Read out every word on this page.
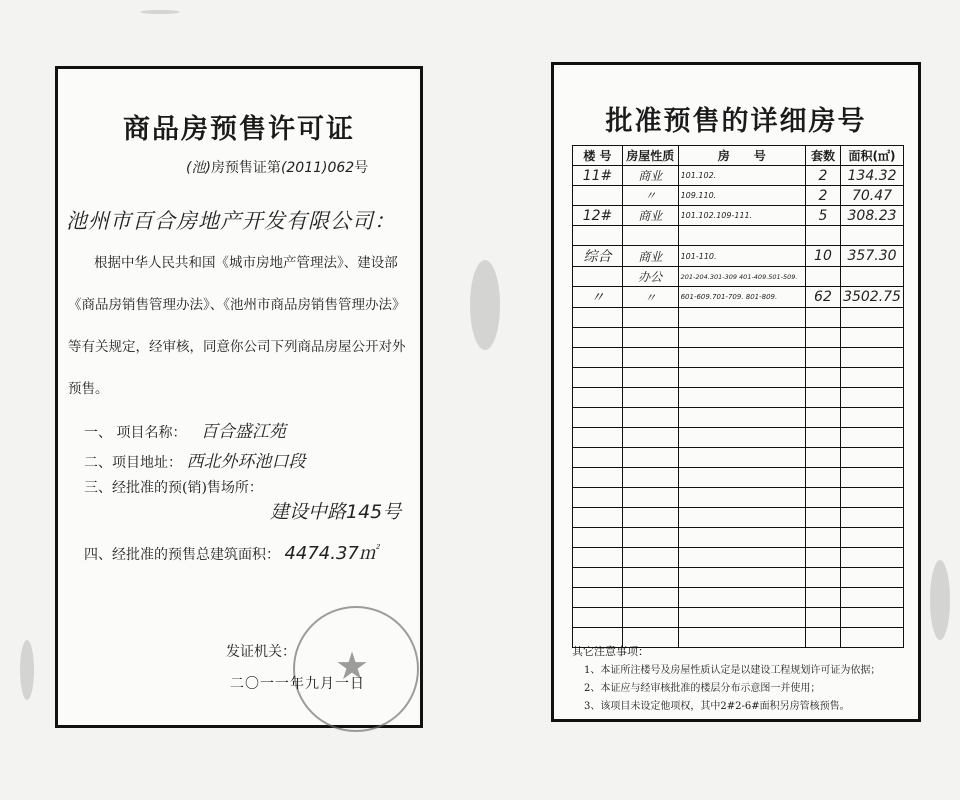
商品房预售许可证
(池)房预售证第(2011)062号
池州市百合房地产开发有限公司：
根据中华人民共和国《城市房地产管理法》、建设部
《商品房销售管理办法》、《池州市商品房销售管理办法》
等有关规定，经审核，同意你公司下列商品房屋公开对外
预售。
一、 项目名称： 百合盛江苑
二、项目地址： 西北外环池口段
三、经批准的预(销)售场所：
建设中路145号
四、经批准的预售总建筑面积： 4474.37㎡
★
发证机关：
二〇一一年九月一日
批准预售的详细房号
楼 号	房屋性质	房　　号	套数	面积(㎡)
11#	商业	101.102.	2	134.32
	〃	109.110.	2	70.47
12#	商业	101.102.109-111.	5	308.23

综合	商业	101-110.	10	357.30
	办公	201-204.301-309 401-409.501-509.		
〃	〃	601-609.701-709. 801-809.	62	3502.75

其它注意事项：
1、本证所注楼号及房屋性质认定是以建设工程规划许可证为依据；
2、本证应与经审核批准的楼层分布示意图一并使用；
3、该项目未设定他项权，其中2#2-6#面积另房管核预售。
